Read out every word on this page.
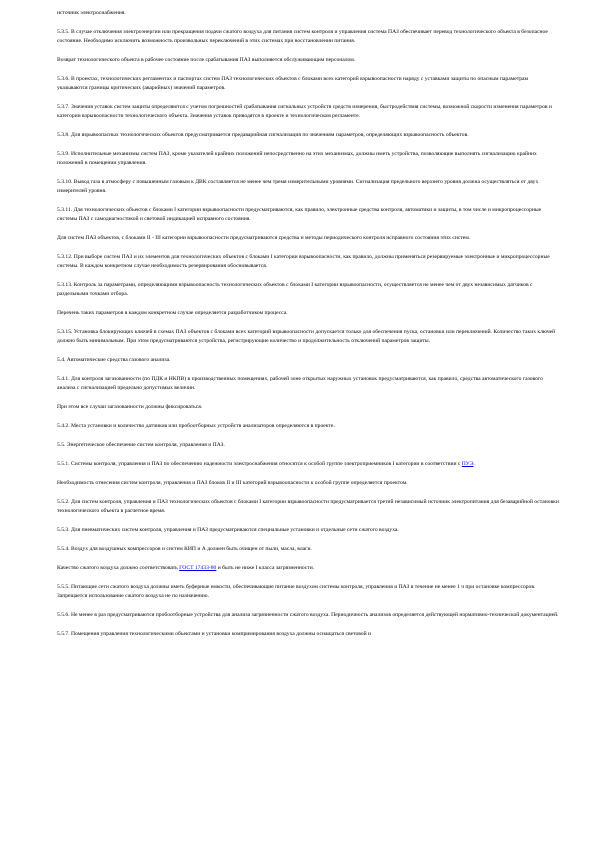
источник электроснабжения.

5.3.5. В случае отключения электроэнергии или прекращения подачи сжатого воздуха для питания систем контроля и управления система ПАЗ обеспечивает перевод технологического объекта в безопасное состояние. Необходимо исключить возможность произвольных переключений в этих системах при восстановлении питания.

Возврат технологического объекта в рабочее состояние после срабатывания ПАЗ выполняется обслуживающим персоналом.

5.3.6. В проектах, технологических регламентах и паспортах систем ПАЗ технологических объектов с блоками всех категорий взрывоопасности наряду с уставками защиты по опасным параметрам указываются границы критических (аварийных) значений параметров.

5.3.7. Значения уставок систем защиты определяются с учетом погрешностей срабатывания сигнальных устройств средств измерения, быстродействия системы, возможной скорости изменения параметров и категории взрывоопасности технологического объекта. Значения уставок приводятся в проекте и технологическом регламенте.

5.3.8. Для взрывоопасных технологических объектов предусматривается предаварийная сигнализация по значениям параметров, определяющих взрывоопасность объектов.

5.3.9. Исполнительные механизмы систем ПАЗ, кроме указателей крайних положений непосредственно на этих механизмах, должны иметь устройства, позволяющие выполнять сигнализацию крайних положений в помещении управления.

5.3.10. Вывод газа в атмосферу с повышенным газовым к ДВК составляется не менее чем тремя измерительными уровнями. Сигнализация предельного верхнего уровня должна осуществляться от двух измерителей уровня.

5.3.11. Для технологических объектов с блоками I категории взрывоопасности предусматриваются, как правило, электронные средства контроля, автоматики и защиты, в том числе и микропроцессорные системы ПАЗ с самодиагностикой и световой индикацией исправного состояния.

Для систем ПАЗ объектов, с блоками II - III категории взрывоопасности предусматриваются средства и методы периодического контроля исправного состояния этих систем.

5.3.12. При выборе систем ПАЗ и их элементов для технологических объектов с блоками I категории взрывоопасности, как правило, должны применяться резервируемые электронные и микропроцессорные системы. В каждом конкретном случае необходимость резервирования обосновывается.

5.3.13. Контроль за параметрами, определяющими взрывоопасность технологических объектов с блоками I категории взрывоопасности, осуществляется не менее чем от двух независимых датчиков с раздельными точками отбора.

Перечень таких параметров в каждом конкретном случае определяется разработчиком процесса.

5.3.15. Установка блокирующих ключей в схемах ПАЗ объектов с блоками всех категорий взрывоопасности допускается только для обеспечения пуска, остановки или переключений. Количество таких ключей должно быть минимальным. При этом предусматриваются устройства, регистрирующие количество и продолжительность отключений параметров защиты.

5.4. Автоматические средства газового анализа.

5.4.1. Для контроля загазованности (по ПДК и НКПВ) в производственных помещениях, рабочей зоне открытых наружных установок предусматриваются, как правило, средства автоматического газового анализа с сигнализацией предельно допустимых величин.

При этом все случаи загазованности должны фиксироваться.

5.4.2. Места установки и количество датчиков или пробоотборных устройств анализаторов определяются в проекте.

5.5. Энергетическое обеспечение систем контроля, управления и ПАЗ.

5.5.1. Системы контроля, управления и ПАЗ по обеспечению надежности электроснабжения относятся к особой группе электроприемников I категории в соответствии с ПУЭ.

Необходимость отнесения систем контроля, управления и ПАЗ блоков II и III категорий взрывоопасности к особой группе определяется проектом.

5.5.2. Для систем контроля, управления и ПАЗ технологических объектов с блоками I категории взрывоопасности предусматривается третий независимый источник электропитания для безаварийной остановки технологического объекта в расчетное время.

5.5.3. Для пневматических систем контроля, управления и ПАЗ предусматриваются специальные установки и отдельные сети сжатого воздуха.

5.5.4. Воздух для воздушных компрессоров и систем КИП и А должен быть очищен от пыли, масла, влаги.

Качество сжатого воздуха должно соответствовать ГОСТ 17433-80 и быть не ниже I класса загрязненности.

5.5.5. Питающие сети сжатого воздуха должны иметь буферные емкости, обеспечивающие питание воздухом системы контроля, управления и ПАЗ в течение не менее 1 ч при остановке компрессоров. Запрещается использование сжатого воздуха не по назначению.

5.5.6. Не менее в раз предусматриваются пробоотборные устройства для анализа загрязненности сжатого воздуха. Периодичность анализов определяется действующей нормативно-технической документацией.

5.5.7. Помещения управления технологическими объектами и установки компримирования воздуха должны оснащаться световой и
